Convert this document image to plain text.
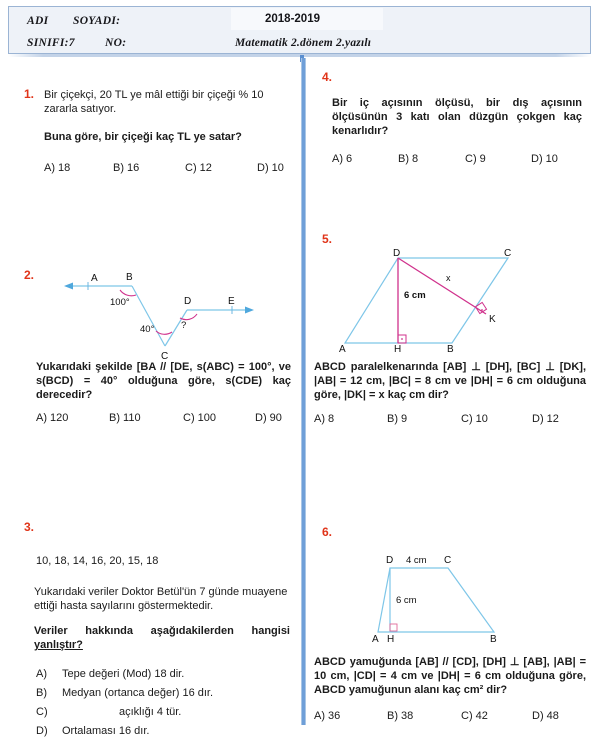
ADI SOYADI:
SINIFI:7	NO:
2018-2019
Matematik 2.dönem 2.yazılı
1. Bir çiçekçi, 20 TL ye mâl ettiği bir çiçeği % 10 zararla satıyor.
Buna göre, bir çiçeği kaç TL ye satar?
A) 18	B) 16	C) 12	D) 10
2.	A	B
C
D	E
100°
40°	?
Yukarıdaki şekilde [BA // [DE, s(ABC) = 100°, ve s(BCD) = 40° olduğuna göre, s(CDE) kaç derecedir?
A) 120	B) 110	C) 100	D) 90
3.
10, 18, 14, 16, 20, 15, 18
Yukarıdaki veriler Doktor Betül'ün 7 günde muayene ettiği hasta sayılarını göstermektedir.
Veriler hakkında aşağıdakilerden hangisi yanlıştır?
A) Tepe değeri (Mod) 18 dir.
B) Medyan (ortanca değer) 16 dır.
C)	açıklığı 4 tür.
D) Ortalaması 16 dır.
4.
Bir iç açısının ölçüsü, bir dış açısının ölçüsünün 3 katı olan düzgün çokgen kaç kenarlıdır?
A) 6	B) 8	C) 9	D) 10
5.
A	B
C
D
H
K
6 cm
x
ABCD paralelkenarında [AB] ⊥ [DH], [BC] ⊥ [DK], |AB| = 12 cm, |BC| = 8 cm ve |DH| = 6 cm olduğuna göre, |DK| = x kaç cm dir?
A) 8	B) 9	C) 10	D) 12
6.
A	B
C
D
H
4 cm
6 cm
ABCD yamuğunda [AB] // [CD], [DH] ⊥ [AB], |AB| = 10 cm, |CD| = 4 cm ve |DH| = 6 cm olduğuna göre, ABCD yamuğunun alanı kaç cm² dir?
A) 36	B) 38	C) 42	D) 48
